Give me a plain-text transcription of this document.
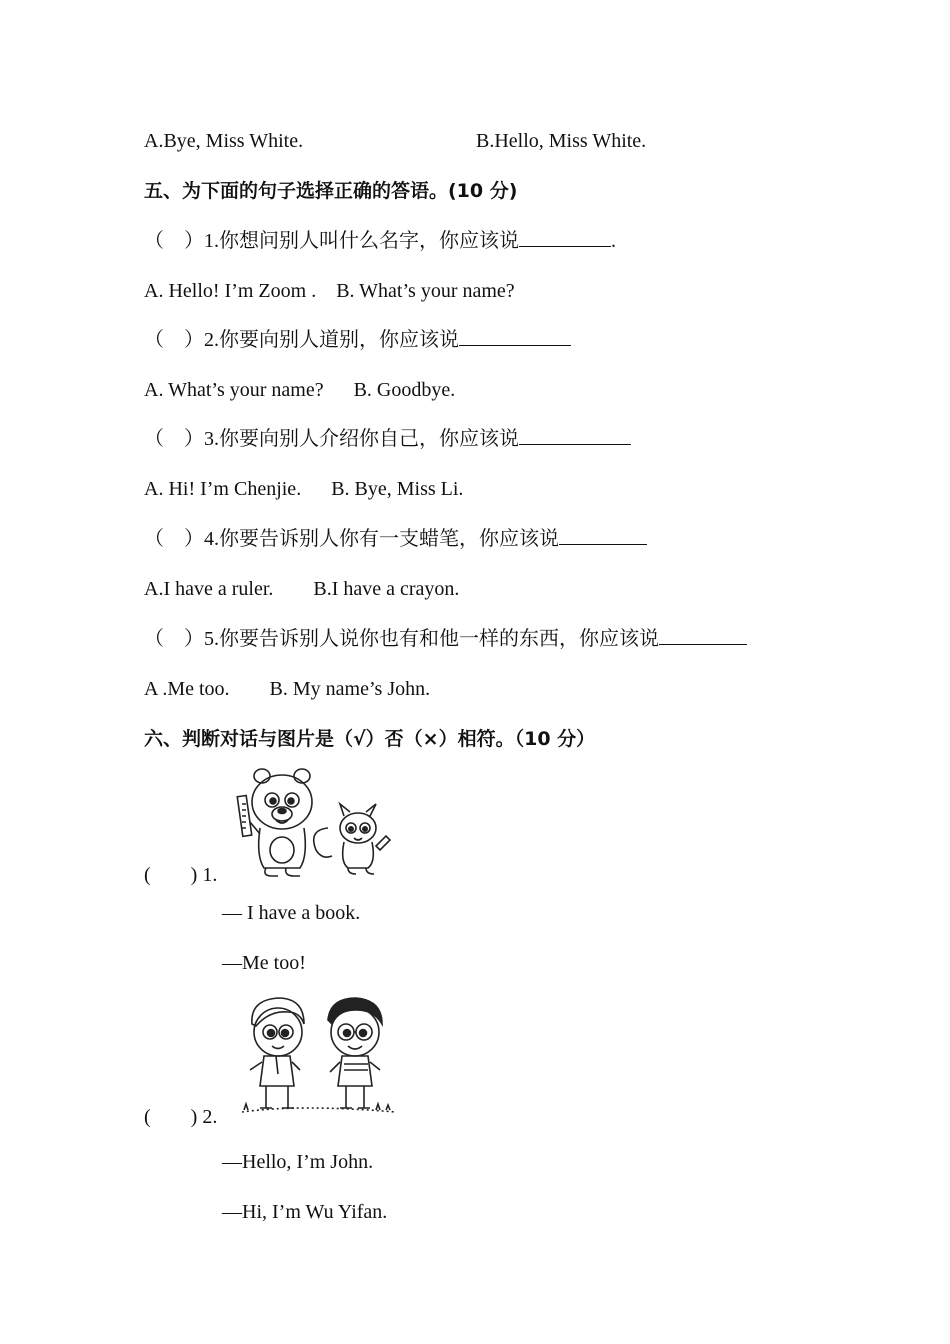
A.Bye, Miss White.	B.Hello, Miss White.
五、为下面的句子选择正确的答语。(10 分)
（    ）1.你想问别人叫什么名字，你应该说	.
A. Hello! I’m Zoom .    B. What’s your name?
（    ）2.你要向别人道别，你应该说
A. What’s your name?      B. Goodbye.
（    ）3.你要向别人介绍你自己，你应该说
A. Hi! I’m Chenjie.      B. Bye, Miss Li.
（    ）4.你要告诉别人你有一支蜡笔，你应该说
A.I have a ruler.        B.I have a crayon.
（    ）5.你要告诉别人说你也有和他一样的东西，你应该说
A .Me too.        B. My name’s John.
六、判断对话与图片是（√）否（×）相符。（10 分）
(        ) 1.
— I have a book.
—Me too!
(        ) 2.
—Hello, I’m John.
—Hi, I’m Wu Yifan.
